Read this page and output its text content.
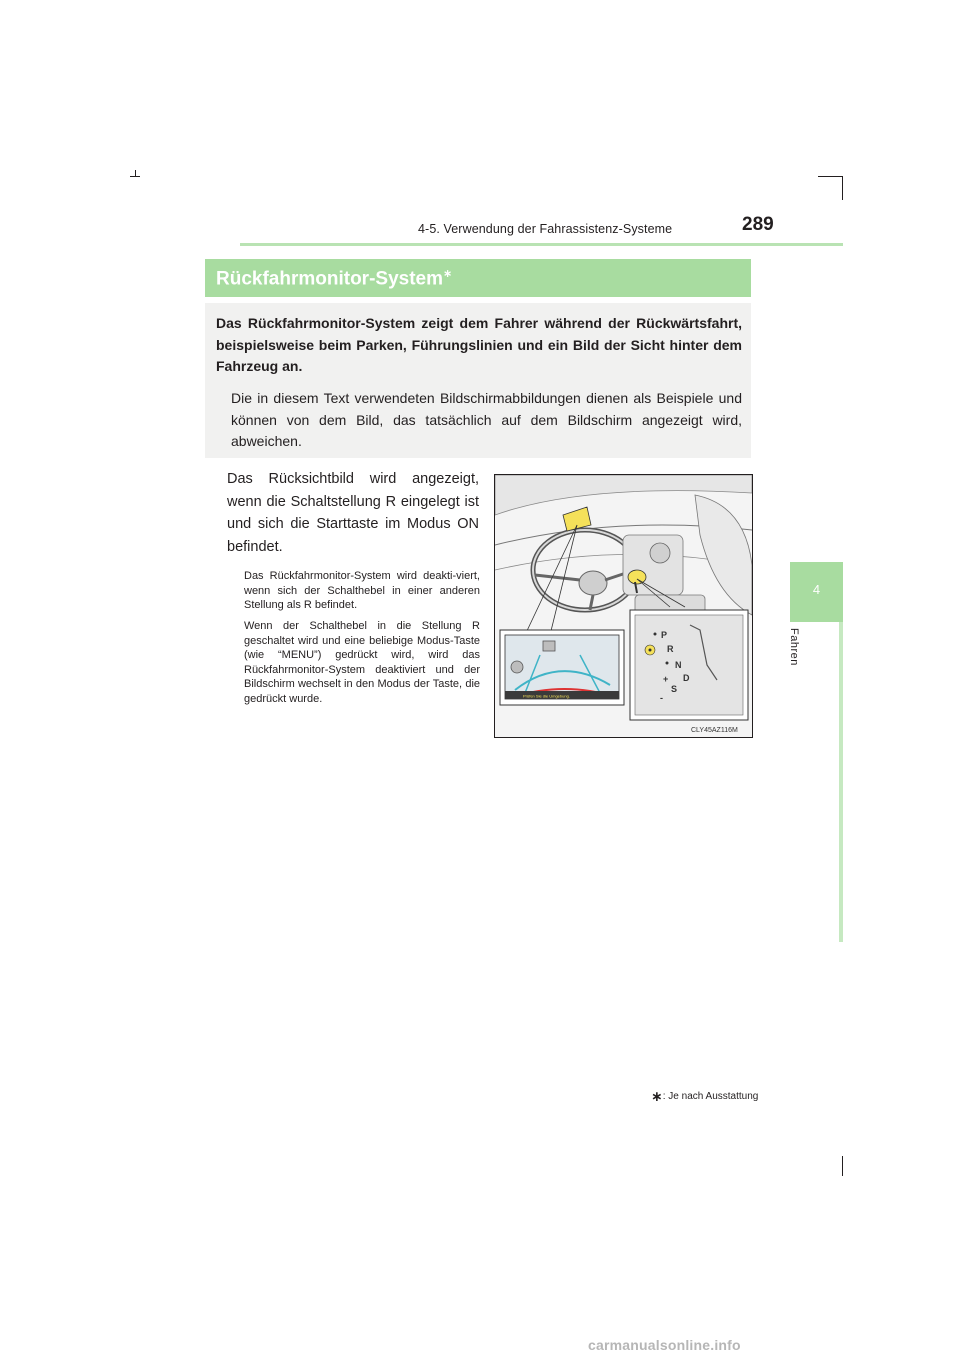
4-5. Verwendung der Fahrassistenz-Systeme	289
4
Fahren
Rückfahrmonitor-System∗
Das Rückfahrmonitor-System zeigt dem Fahrer während der Rückwärtsfahrt, beispielsweise beim Parken, Führungslinien und ein Bild der Sicht hinter dem Fahrzeug an.
Die in diesem Text verwendeten Bildschirmabbildungen dienen als Beispiele und können von dem Bild, das tatsächlich auf dem Bildschirm angezeigt wird, abweichen.
Das Rücksichtbild wird angezeigt, wenn die Schaltstellung R eingelegt ist und sich die Starttaste im Modus ON befindet.
Das Rückfahrmonitor-System wird deakti-viert, wenn sich der Schalthebel in einer anderen Stellung als R befindet.
Wenn der Schalthebel in die Stellung R geschaltet wird und eine beliebige Modus-Taste (wie “MENU”) gedrückt wird, wird das Rückfahrmonitor-System deaktiviert und der Bildschirm wechselt in den Modus der Taste, die gedrückt wurde.	Prüfen Sie die Umgebung.
P
R
N
+ D
S
-
CLY45AZ116M
∗: Je nach Ausstattung
carmanualsonline.info
